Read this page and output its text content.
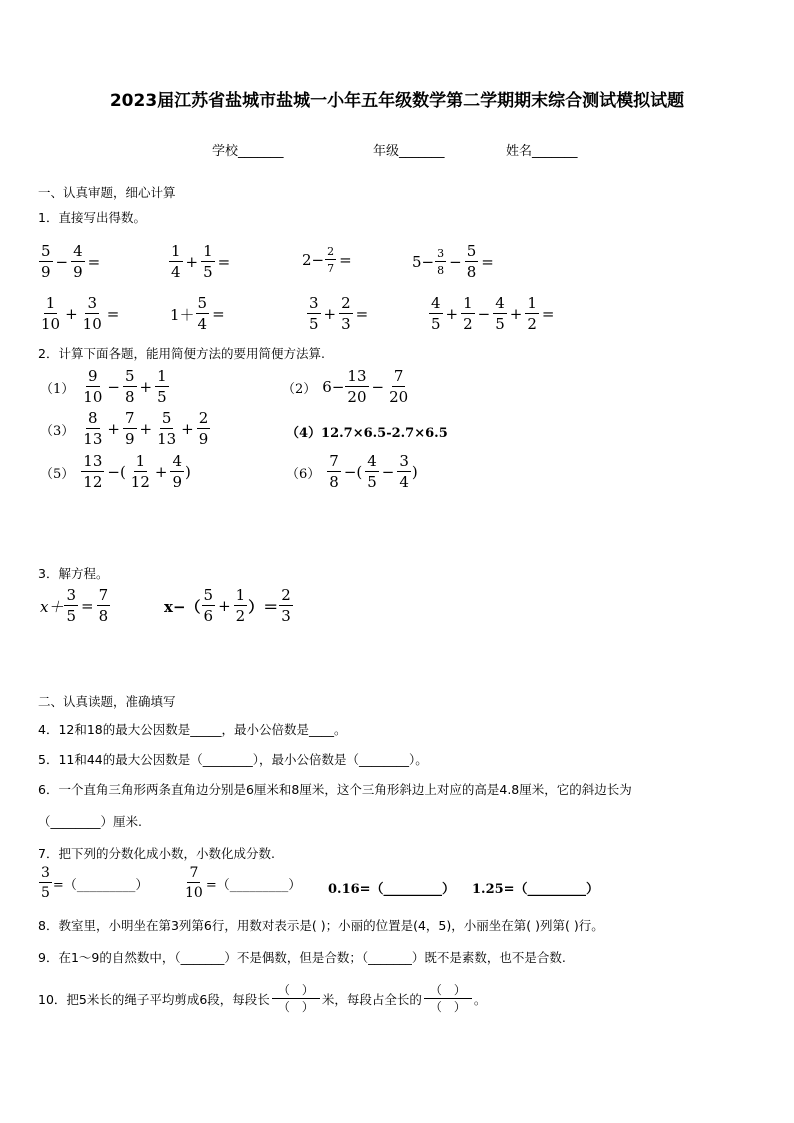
2023届江苏省盐城市盐城一小年五年级数学第二学期期末综合测试模拟试题
学校_______	年级_______	姓名_______
一、认真审题，细心计算
1．直接写出得数。
5
9
− $\frac{4}{9}$ =
1
4
+ $\frac{1}{5}$ =	$2- \frac{2}{7}$ =	$5- \frac{3}{8} - \frac{5}{8}$ =
1
10
+ $\frac{3}{10}$ =	$1+ \frac{5}{4}$ =
3
5
+ $\frac{2}{3}$ =
4
5
+ $\frac{1}{2} - \frac{4}{5} + \frac{1}{2}$ =
2．计算下面各题，能用简便方法的要用简便方法算.
（1）
9
10
− $\frac{5}{8} + \frac{1}{5}$	（2） $6- \frac{13}{20} - \frac{7}{20}$
（3）
8
13
+ $\frac{7}{9} + \frac{5}{13} + \frac{2}{9}$	（4）12.7×6.5-2.7×6.5
（5）
13
12
−(
1
12
+ $\frac{4}{9}$ )	（6）
7
8
−(
4
5
− $\frac{3}{4}$ )
3．解方程。
$x+ \frac{3}{5} = \frac{7}{8}$	x−（
5
6
+ $\frac{1}{2}$ ）＝
2
3
二、认真读题，准确填写
4．12和18的最大公因数是_____，最小公倍数是____。
5．11和44的最大公因数是（________），最小公倍数是（________）。
6．一个直角三角形两条直角边分别是6厘米和8厘米，这个三角形斜边上对应的高是4.8厘米，它的斜边长为
（________）厘米.
7．把下列的分数化成小数，小数化成分数.
$\frac{3}{5}$ =（_________） $\frac{7}{10}$ =（_________） 0.16=（_________） 1.25=（_________）
8．教室里，小明坐在第3列第6行，用数对表示是( )；小丽的位置是(4，5)，小丽坐在第( )列第( )行。
9．在1～9的自然数中，（_______）不是偶数，但是合数；（_______）既不是素数，也不是合数.
10．把5米长的绳子平均剪成6段，每段长
（　）
（　）
米，每段占全长的
（　）
（　）
。
